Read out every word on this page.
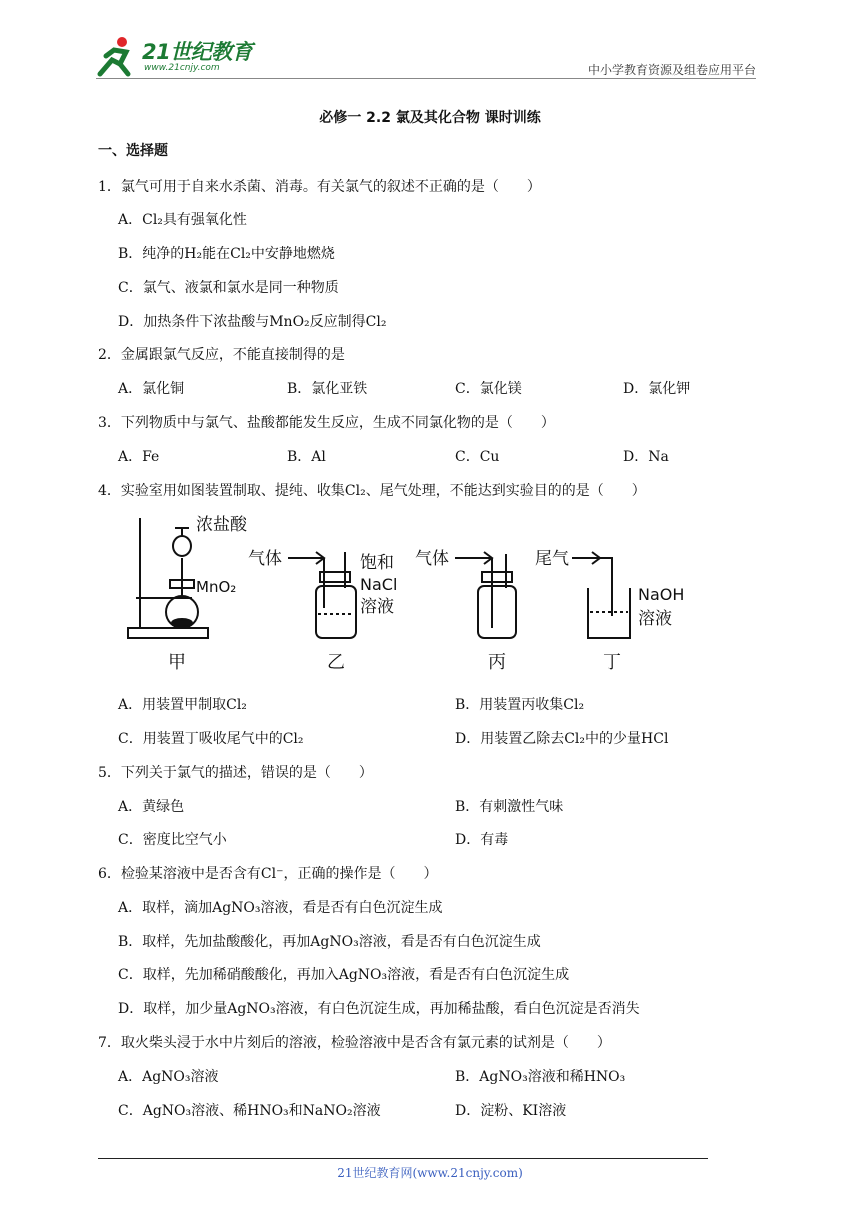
21世纪教育
www.21cnjy.com	中小学教育资源及组卷应用平台
必修一 2.2 氯及其化合物 课时训练
一、选择题
1．氯气可用于自来水杀菌、消毒。有关氯气的叙述不正确的是（　　）
A．Cl₂具有强氧化性
B．纯净的H₂能在Cl₂中安静地燃烧
C．氯气、液氯和氯水是同一种物质
D．加热条件下浓盐酸与MnO₂反应制得Cl₂
2．金属跟氯气反应，不能直接制得的是
A．氯化铜	B．氯化亚铁	C．氯化镁	D．氯化钾
3．下列物质中与氯气、盐酸都能发生反应，生成不同氯化物的是（　　）
A．Fe	B．Al	C．Cu	D．Na
4．实验室用如图装置制取、提纯、收集Cl₂、尾气处理，不能达到实验目的的是（　　）
浓盐酸
MnO₂
甲
气体	饱和
NaCl
溶液
乙
气体
丙
尾气
NaOH
溶液
丁
A．用装置甲制取Cl₂	B．用装置丙收集Cl₂
C．用装置丁吸收尾气中的Cl₂	D．用装置乙除去Cl₂中的少量HCl
5．下列关于氯气的描述，错误的是（　　）
A．黄绿色	B．有刺激性气味
C．密度比空气小	D．有毒
6．检验某溶液中是否含有Cl⁻，正确的操作是（　　）
A．取样，滴加AgNO₃溶液，看是否有白色沉淀生成
B．取样，先加盐酸酸化，再加AgNO₃溶液，看是否有白色沉淀生成
C．取样，先加稀硝酸酸化，再加入AgNO₃溶液，看是否有白色沉淀生成
D．取样，加少量AgNO₃溶液，有白色沉淀生成，再加稀盐酸，看白色沉淀是否消失
7．取火柴头浸于水中片刻后的溶液，检验溶液中是否含有氯元素的试剂是（　　）
A．AgNO₃溶液	B．AgNO₃溶液和稀HNO₃
C．AgNO₃溶液、稀HNO₃和NaNO₂溶液	D．淀粉、KI溶液
21世纪教育网(www.21cnjy.com)
